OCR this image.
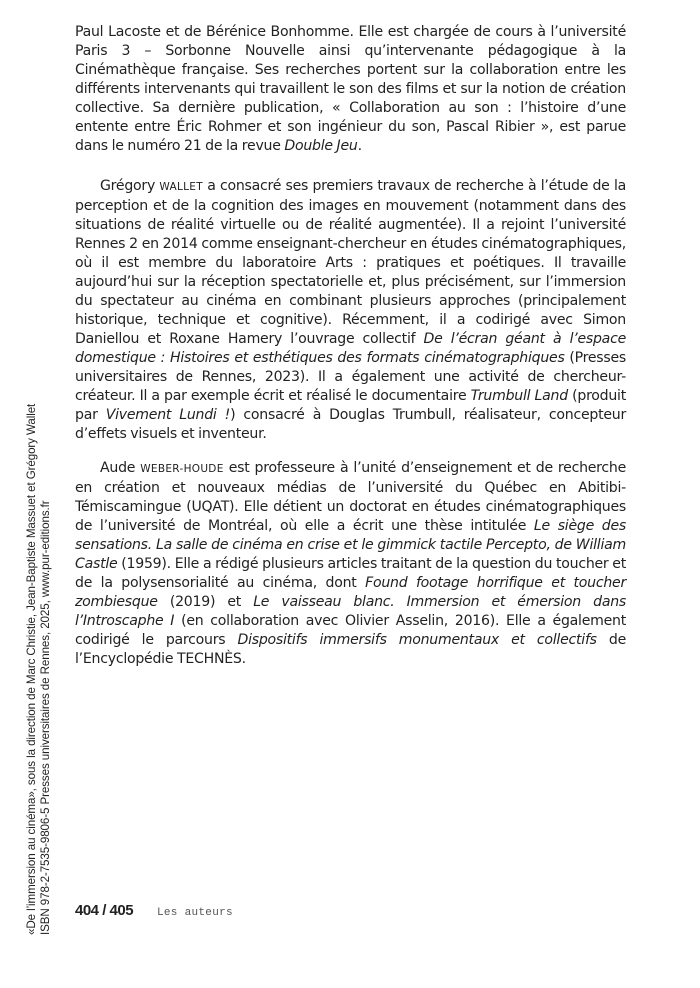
Paul Lacoste et de Bérénice Bonhomme. Elle est chargée de cours à l’université Paris 3 – Sorbonne Nouvelle ainsi qu’intervenante pédagogique à la Cinémathèque française. Ses recherches portent sur la collaboration entre les différents intervenants qui travaillent le son des films et sur la notion de création collective. Sa dernière publication, « Collaboration au son : l’histoire d’une entente entre Éric Rohmer et son ingénieur du son, Pascal Ribier », est parue dans le numéro 21 de la revue Double Jeu.

Grégory WALLET a consacré ses premiers travaux de recherche à l’étude de la perception et de la cognition des images en mouvement (notamment dans des situations de réalité virtuelle ou de réalité augmentée). Il a rejoint l’université Rennes 2 en 2014 comme enseignant-chercheur en études cinématographiques, où il est membre du laboratoire Arts : pratiques et poétiques. Il travaille aujourd’hui sur la réception spectatorielle et, plus précisément, sur l’immersion du spectateur au cinéma en combinant plusieurs approches (principalement historique, technique et cognitive). Récemment, il a codirigé avec Simon Daniellou et Roxane Hamery l’ouvrage collectif De l’écran géant à l’espace domestique : Histoires et esthétiques des formats cinématographiques (Presses universitaires de Rennes, 2023). Il a également une activité de chercheur-créateur. Il a par exemple écrit et réalisé le documentaire Trumbull Land (produit par Vivement Lundi !) consacré à Douglas Trumbull, réalisateur, concepteur d’effets visuels et inventeur.

Aude WEBER-HOUDE est professeure à l’unité d’enseignement et de recherche en création et nouveaux médias de l’université du Québec en Abitibi-Témiscamingue (UQAT). Elle détient un doctorat en études cinématographiques de l’université de Montréal, où elle a écrit une thèse intitulée Le siège des sensations. La salle de cinéma en crise et le gimmick tactile Percepto, de William Castle (1959). Elle a rédigé plusieurs articles traitant de la question du toucher et de la polysensorialité au cinéma, dont Found footage horrifique et toucher zombiesque (2019) et Le vaisseau blanc. Immersion et émersion dans l’Introscaphe I (en collaboration avec Olivier Asselin, 2016). Elle a également codirigé le parcours Dispositifs immersifs monumentaux et collectifs de l’Encyclopédie TECHNÈS.

«De l’immersion au cinéma», sous la direction de Marc Christie, Jean-Baptiste Massuet et Grégory Wallet ISBN 978-2-7535-9806-5 Presses universitaires de Rennes, 2025, www.pur-editions.fr 404 / 405 Les auteurs
